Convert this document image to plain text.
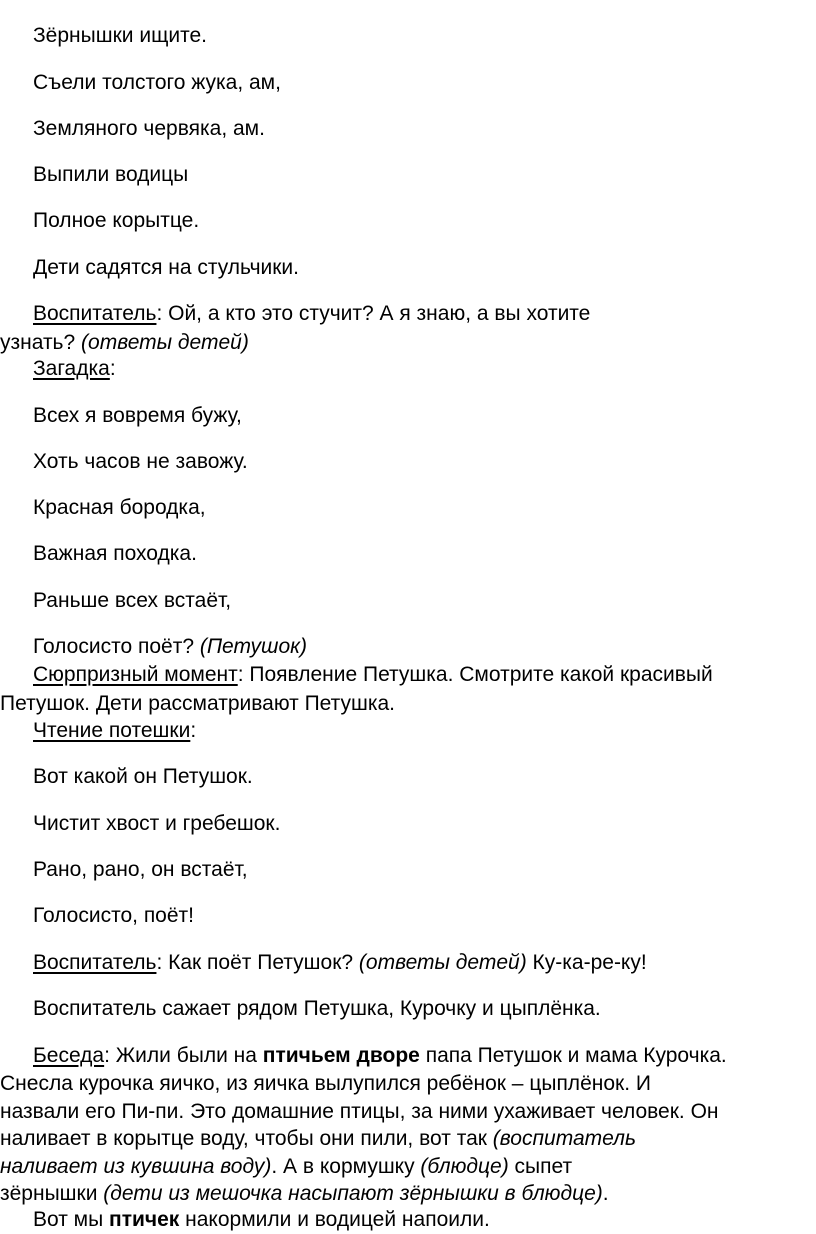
Зёрнышки ищите.
Съели толстого жука, ам,
Земляного червяка, ам.
Выпили водицы
Полное корытце.
Дети садятся на стульчики.
Воспитатель: Ой, а кто это стучит? А я знаю, а вы хотите
узнать? (ответы детей)
Загадка:
Всех я вовремя бужу,
Хоть часов не завожу.
Красная бородка,
Важная походка.
Раньше всех встаёт,
Голосисто поёт? (Петушок)
Сюрпризный момент: Появление Петушка. Смотрите какой красивый
Петушок. Дети рассматривают Петушка.
Чтение потешки:
Вот какой он Петушок.
Чистит хвост и гребешок.
Рано, рано, он встаёт,
Голосисто, поёт!
Воспитатель: Как поёт Петушок? (ответы детей) Ку-ка-ре-ку!
Воспитатель сажает рядом Петушка, Курочку и цыплёнка.
Беседа: Жили были на птичьем дворе папа Петушок и мама Курочка.
Снесла курочка яичко, из яичка вылупился ребёнок – цыплёнок. И
назвали его Пи-пи. Это домашние птицы, за ними ухаживает человек. Он
наливает в корытце воду, чтобы они пили, вот так (воспитатель
наливает из кувшина воду). А в кормушку (блюдце) сыпет
зёрнышки (дети из мешочка насыпают зёрнышки в блюдце).
Вот мы птичек накормили и водицей напоили.
